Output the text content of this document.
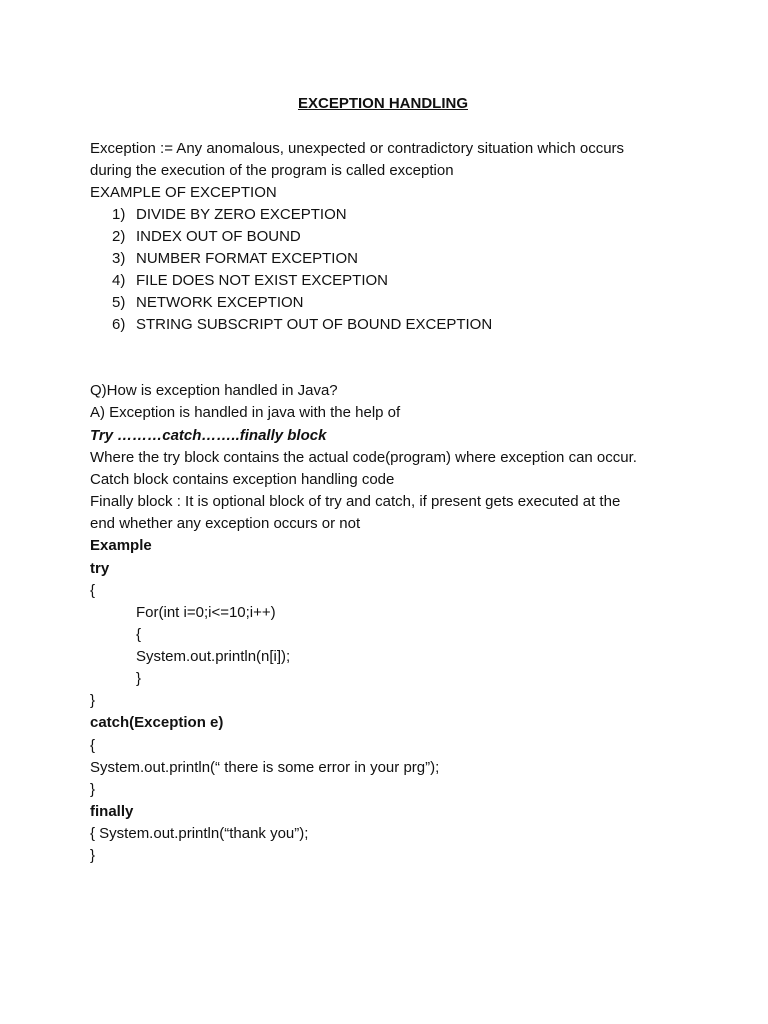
EXCEPTION HANDLING
Exception := Any anomalous, unexpected or contradictory situation which occurs
during the execution of the program is called exception
EXAMPLE OF EXCEPTION
1) DIVIDE BY ZERO EXCEPTION
2) INDEX OUT OF BOUND
3) NUMBER FORMAT EXCEPTION
4) FILE DOES NOT EXIST EXCEPTION
5) NETWORK EXCEPTION
6) STRING SUBSCRIPT OUT OF BOUND EXCEPTION
Q)How is exception handled in Java?
A) Exception is handled in java with the help of
Try ………catch……..finally block
Where the try block contains the actual code(program) where exception can occur.
Catch block contains exception handling code
Finally block : It is optional block of try and catch, if present gets executed at the
end whether any exception occurs or not
Example
try
{
For(int i=0;i<=10;i++)
{
System.out.println(n[i]);
}
}
catch(Exception e)
{
System.out.println(“ there is some error in your prg”);
}
finally
{ System.out.println(“thank you”);
}
